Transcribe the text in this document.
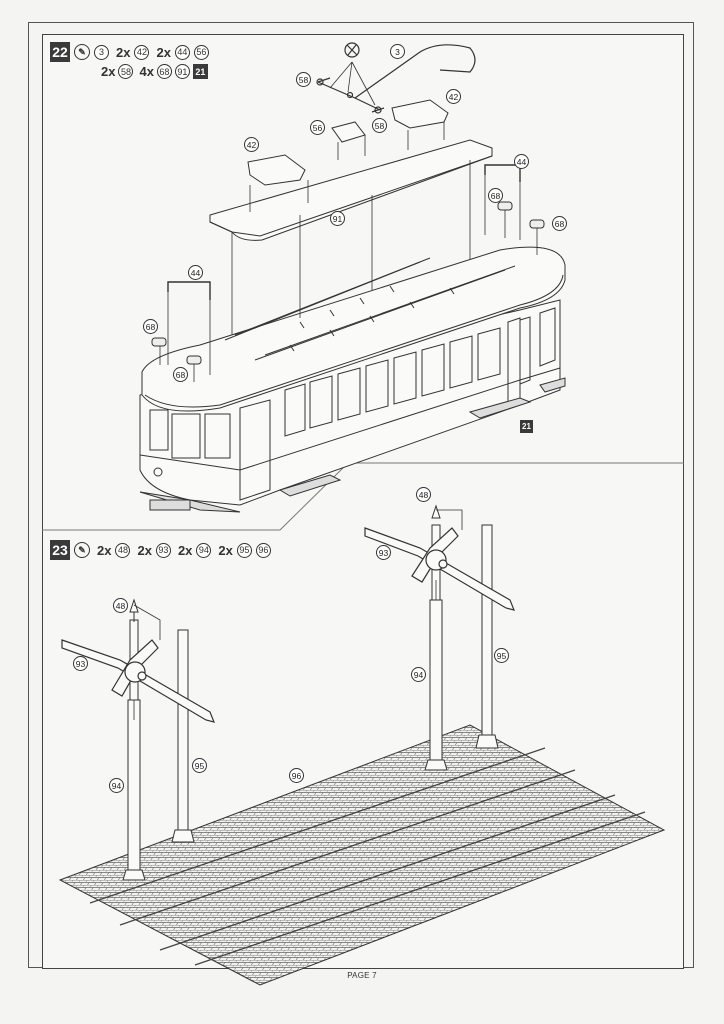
22	✎	3 2x 42 2x 44 56
2x 58 4x 68 91 21
23	✎ 2x 48 2x 93 2x 94 2x 95 96
3
58
58
56
42
42
44
44
91
68
68
68
68
21
48
48
93
93
94
94
95
95
96
PAGE 7
